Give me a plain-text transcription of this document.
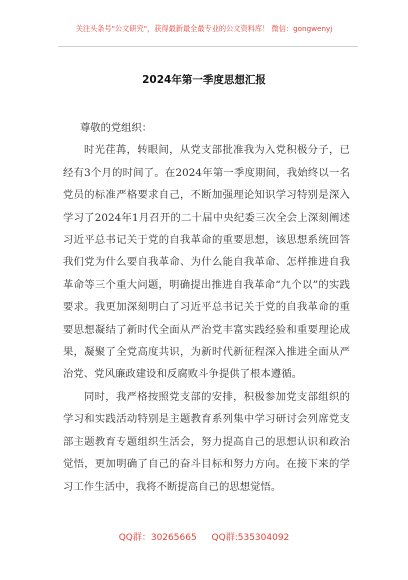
关注头条号"公文研究"，获得最新最全最专业的公文资料库！ 微信：gongwenyj
2024年第一季度思想汇报
尊敬的党组织：
时光荏苒，转眼间，从党支部批准我为入党积极分子，已经有3个月的时间了。在2024年第一季度期间，我始终以一名党员的标准严格要求自己，不断加强理论知识学习特别是深入学习了2024年1月召开的二十届中央纪委三次全会上深刻阐述习近平总书记关于党的自我革命的重要思想，该思想系统回答我们党为什么要自我革命、为什么能自我革命、怎样推进自我革命等三个重大问题，明确提出推进自我革命“九个以”的实践要求。我更加深刻明白了习近平总书记关于党的自我革命的重要思想凝结了新时代全面从严治党丰富实践经验和重要理论成果，凝聚了全党高度共识，为新时代新征程深入推进全面从严治党、党风廉政建设和反腐败斗争提供了根本遵循。
同时，我严格按照党支部的安排，积极参加党支部组织的学习和实践活动特别是主题教育系列集中学习研讨会列席党支部主题教育专题组织生活会，努力提高自己的思想认识和政治觉悟，更加明确了自己的奋斗目标和努力方向。在接下来的学习工作生活中，我将不断提高自己的思想觉悟。
QQ群：30265665 QQ群:535304092
